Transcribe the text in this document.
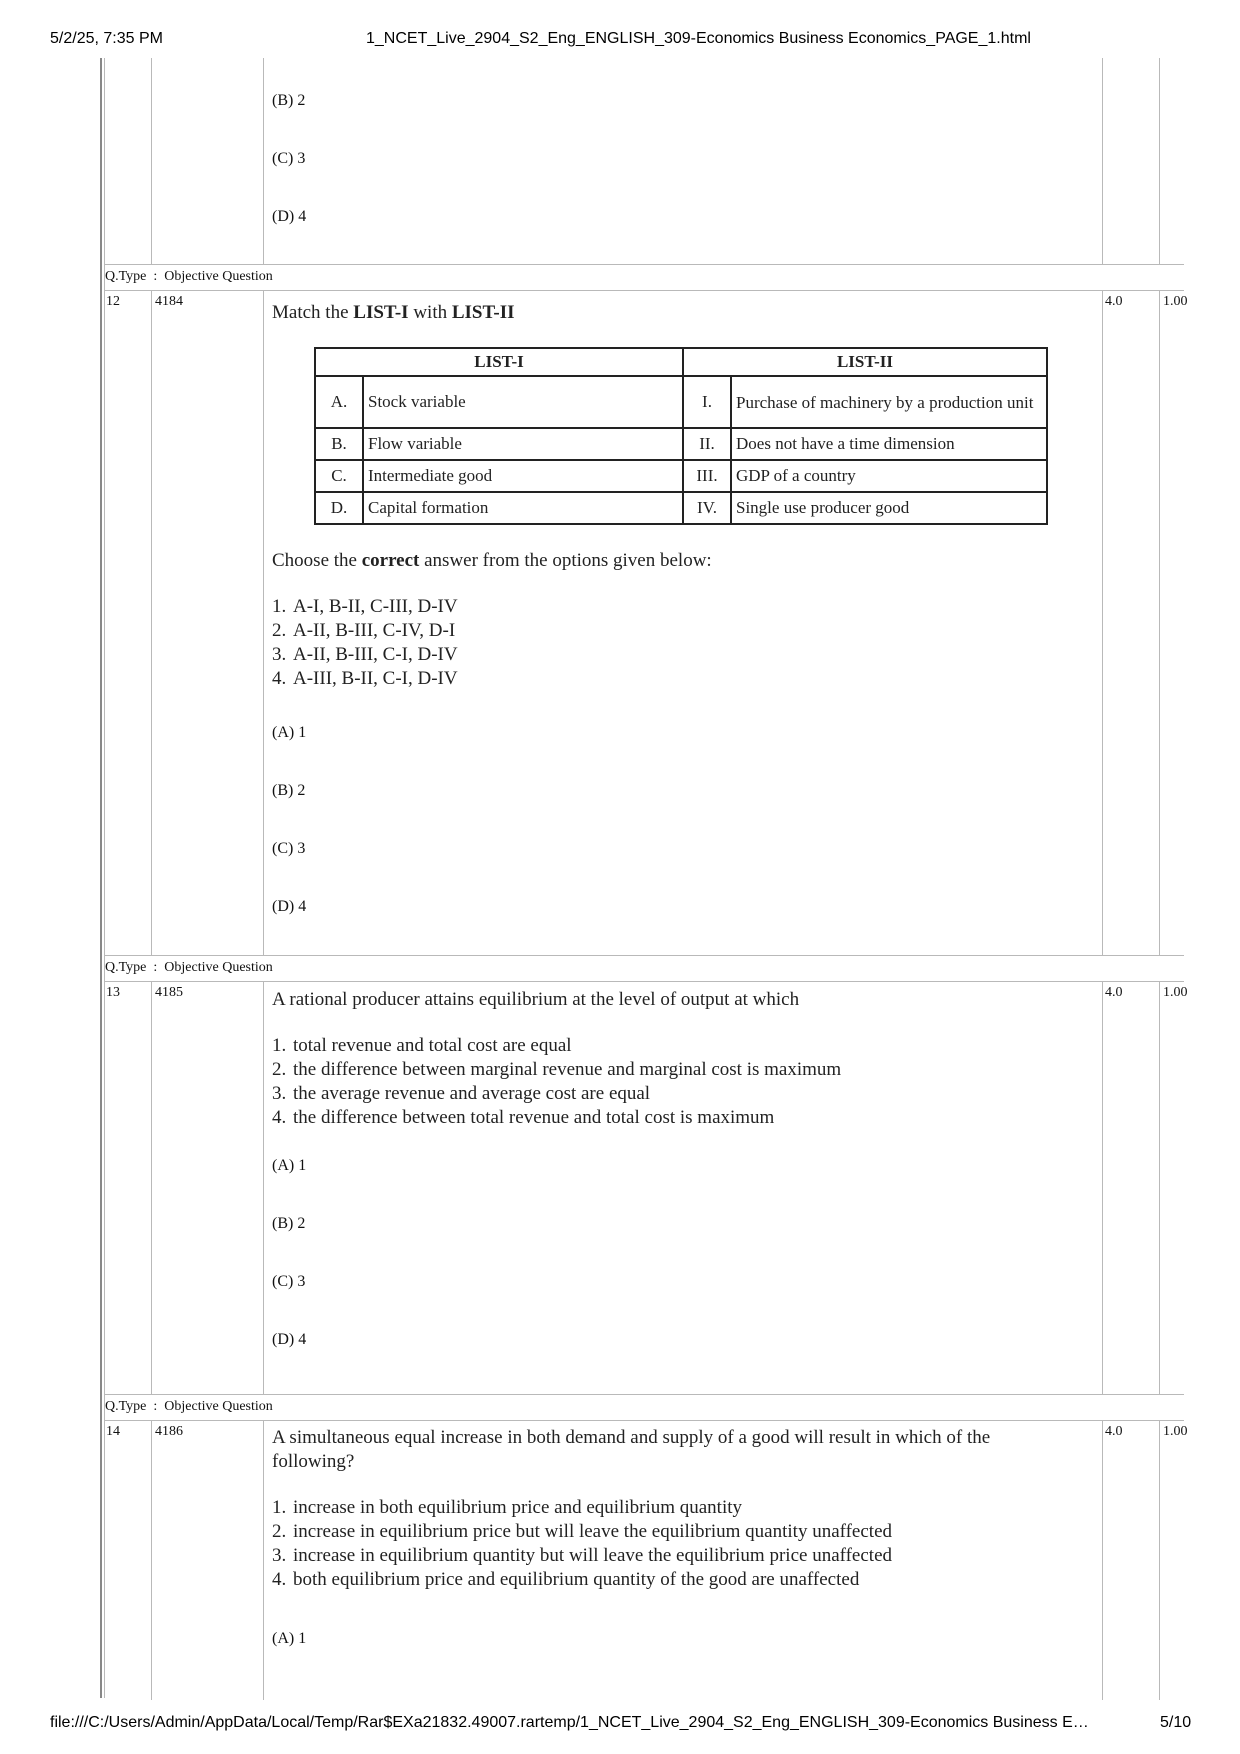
5/2/25, 7:35 PM	1_NCET_Live_2904_S2_Eng_ENGLISH_309-Economics Business Economics_PAGE_1.html
(B) 2
(C) 3
(D) 4
Q.Type  :  Objective Question
12	4184	4.0	1.00
Match the LIST-I with LIST-II
LIST-I		LIST-II	
A.	Stock variable	I.	Purchase of machinery by a production unit
B.	Flow variable	II.	Does not have a time dimension
C.	Intermediate good	III.	GDP of a country
D.	Capital formation	IV.	Single use producer good
Choose the correct answer from the options given below:
1. A-I, B-II, C-III, D-IV
2. A-II, B-III, C-IV, D-I
3. A-II, B-III, C-I, D-IV
4. A-III, B-II, C-I, D-IV
(A) 1
(B) 2
(C) 3
(D) 4
Q.Type  :  Objective Question
13	4185	4.0	1.00
A rational producer attains equilibrium at the level of output at which
1. total revenue and total cost are equal
2. the difference between marginal revenue and marginal cost is maximum
3. the average revenue and average cost are equal
4. the difference between total revenue and total cost is maximum
(A) 1
(B) 2
(C) 3
(D) 4
Q.Type  :  Objective Question
14	4186	4.0	1.00
A simultaneous equal increase in both demand and supply of a good will result in which of the
following?
1. increase in both equilibrium price and equilibrium quantity
2. increase in equilibrium price but will leave the equilibrium quantity unaffected
3. increase in equilibrium quantity but will leave the equilibrium price unaffected
4. both equilibrium price and equilibrium quantity of the good are unaffected
(A) 1
file:///C:/Users/Admin/AppData/Local/Temp/Rar$EXa21832.49007.rartemp/1_NCET_Live_2904_S2_Eng_ENGLISH_309-Economics Business E…	5/10
